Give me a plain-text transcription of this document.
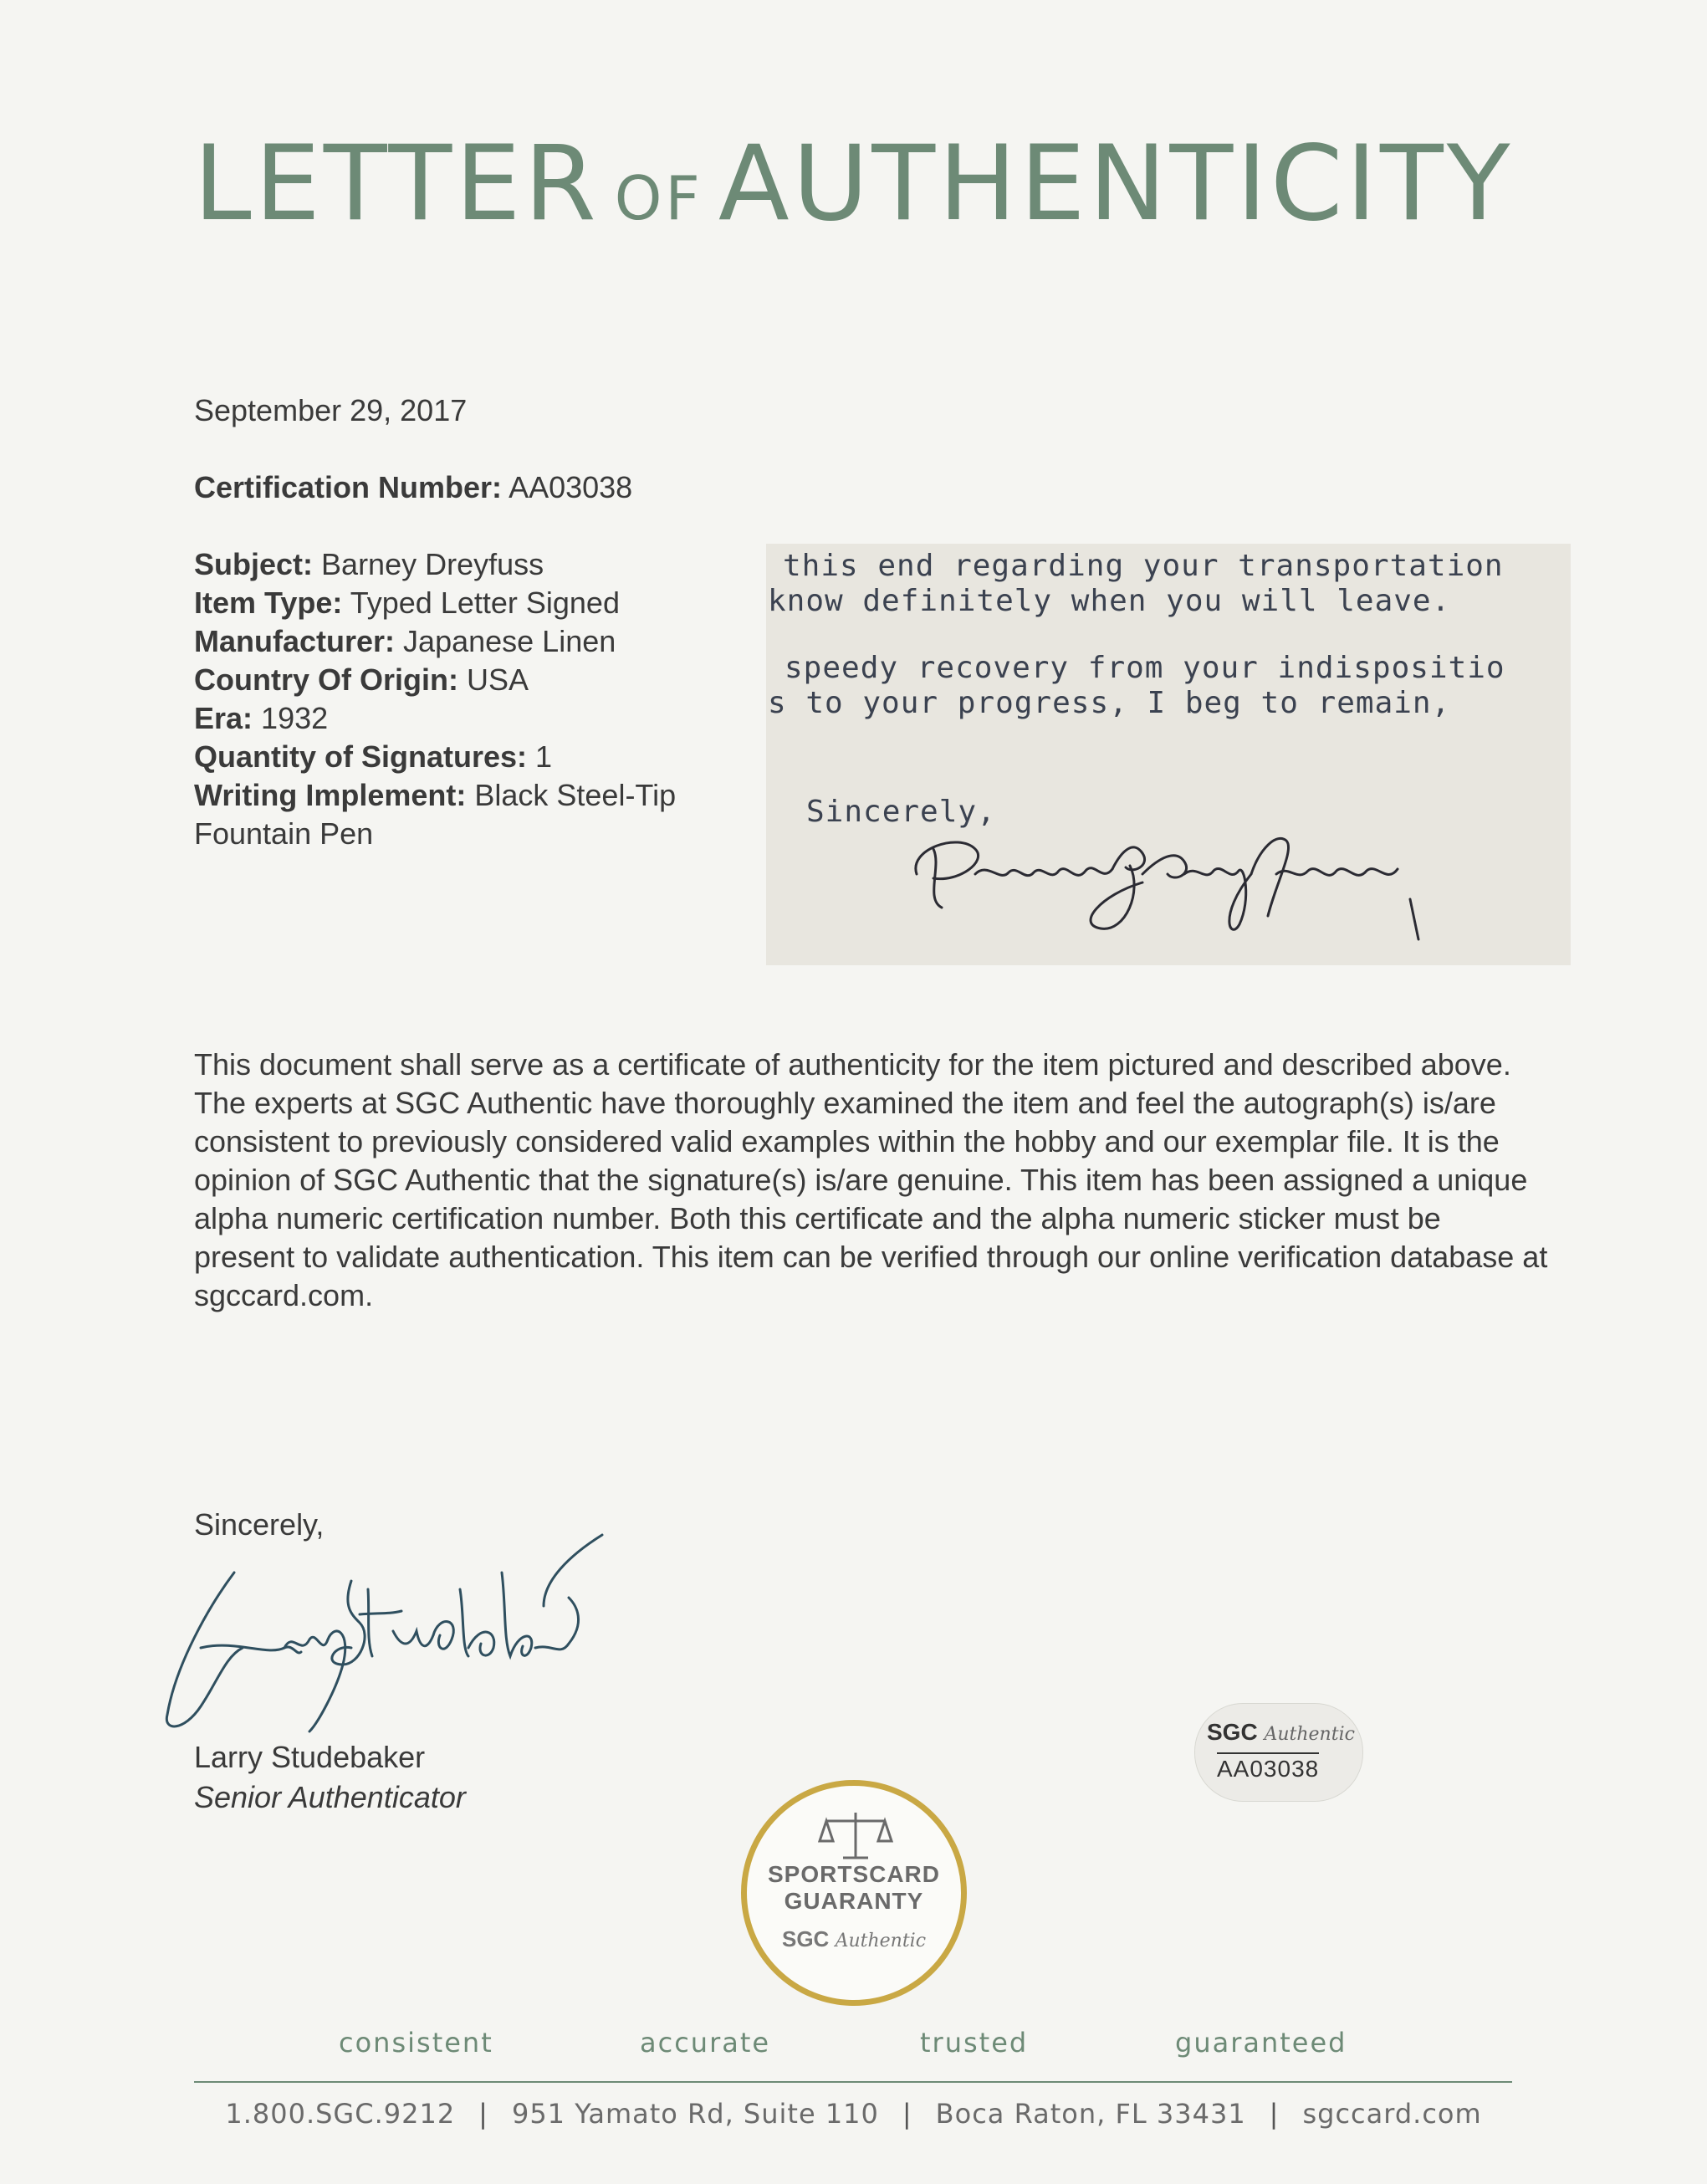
LETTER OF AUTHENTICITY
September 29, 2017
Certification Number: AA03038
Subject: Barney Dreyfuss
Item Type: Typed Letter Signed
Manufacturer: Japanese Linen
Country Of Origin: USA
Era: 1932
Quantity of Signatures: 1
Writing Implement: Black Steel-Tip
Fountain Pen
this end regarding your transportation
know definitely when you will leave.
speedy recovery from your indispositio
s to your progress, I beg to remain,
Sincerely,
This document shall serve as a certificate of authenticity for the item pictured and described above. The experts at SGC Authentic have thoroughly examined the item and feel the autograph(s) is/are consistent to previously considered valid examples within the hobby and our exemplar file. It is the opinion of SGC Authentic that the signature(s) is/are genuine. This item has been assigned a unique alpha numeric certification number. Both this certificate and the alpha numeric sticker must be present to validate authentication. This item can be verified through our online verification database at sgccard.com.
Sincerely,
Larry Studebaker
Senior Authenticator
SGC Authentic
AA03038
SPORTSCARD
GUARANTY
SGC Authentic
consistent	accurate	trusted	guaranteed
1.800.SGC.9212 | 951 Yamato Rd, Suite 110 | Boca Raton, FL 33431 | sgccard.com
